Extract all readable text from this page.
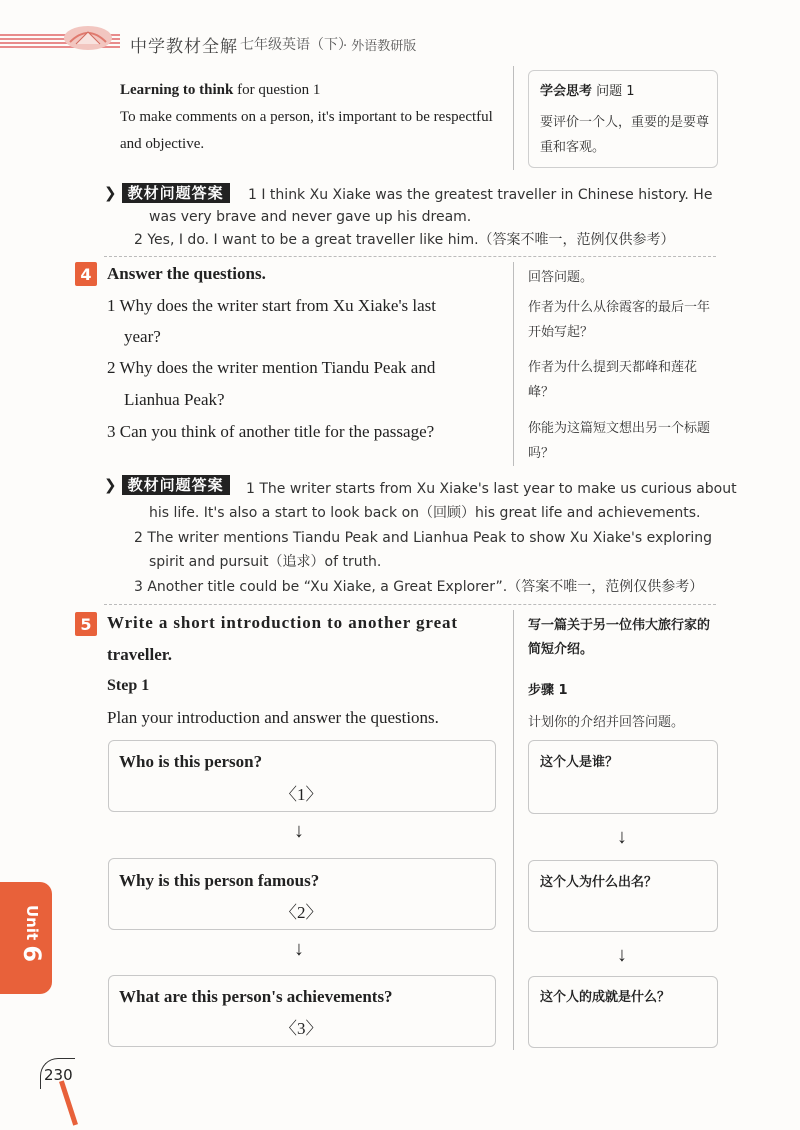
中学教材全解 七年级英语（下）
· 外语教研版
Learning to think for question 1
To make comments on a person, it's important to be respectful and objective.
学会思考 问题 1
要评价一个人，重要的是要尊重和客观。
❯ 教材问题答案	1 I think Xu Xiake was the greatest traveller in Chinese history. He
was very brave and never gave up his dream.
2 Yes, I do. I want to be a great traveller like him.（答案不唯一，范例仅供参考）
4 Answer the questions.	回答问题。
1 Why does the writer start from Xu Xiake's last
year?
2 Why does the writer mention Tiandu Peak and
Lianhua Peak?
3 Can you think of another title for the passage?
作者为什么从徐霞客的最后一年开始写起？
作者为什么提到天都峰和莲花峰？
你能为这篇短文想出另一个标题吗？
❯ 教材问题答案	1 The writer starts from Xu Xiake's last year to make us curious about
his life. It's also a start to look back on（回顾）his great life and achievements.
2 The writer mentions Tiandu Peak and Lianhua Peak to show Xu Xiake's exploring
spirit and pursuit（追求）of truth.
3 Another title could be “Xu Xiake, a Great Explorer”.（答案不唯一，范例仅供参考）
5 Write a short introduction to another great
traveller.
写一篇关于另一位伟大旅行家的简短介绍。
Step 1	步骤 1
Plan your introduction and answer the questions.	计划你的介绍并回答问题。
Who is this person?
〈1〉
↓
Why is this person famous?
〈2〉
↓
What are this person's achievements?
〈3〉
这个人是谁？
↓
这个人为什么出名？
↓
这个人的成就是什么？
Unit 6
230
